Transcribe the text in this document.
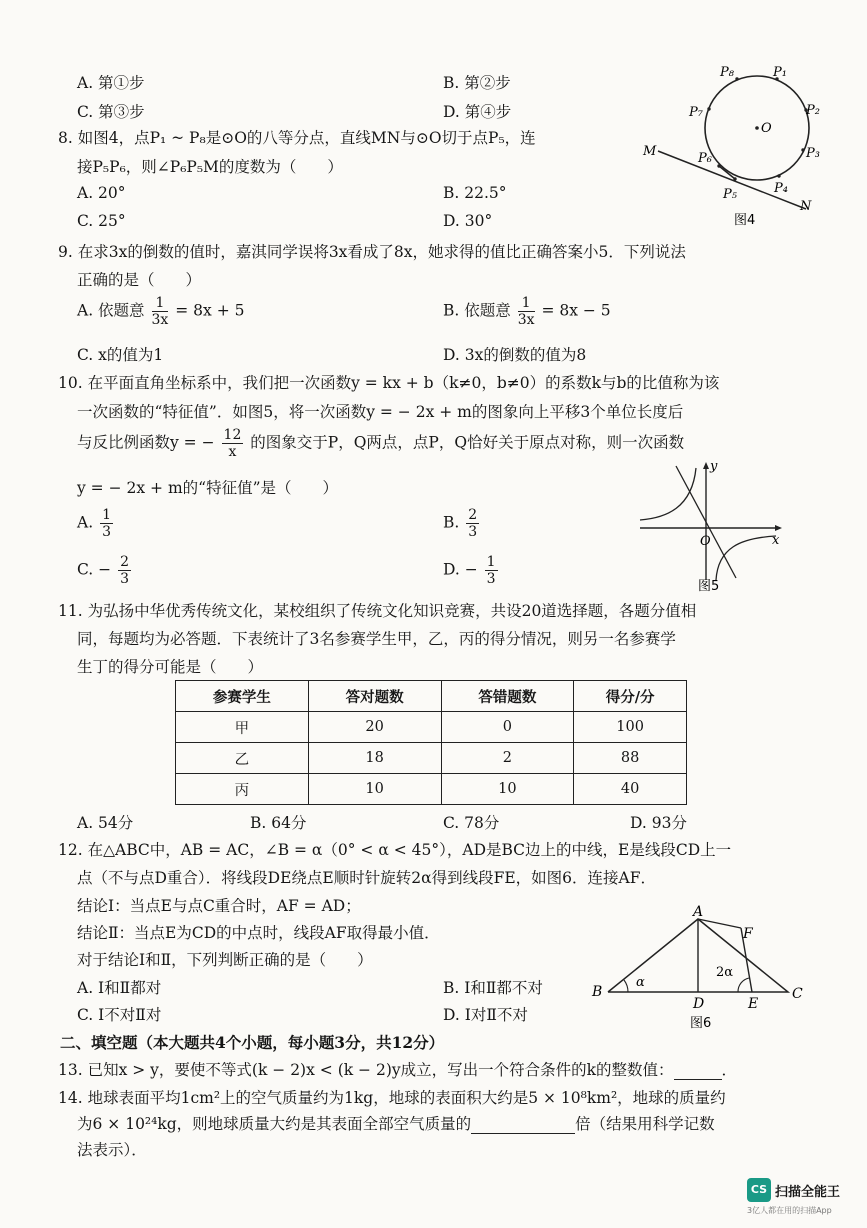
A. 第①步	B. 第②步
C. 第③步	D. 第④步
8. 如图4，点P₁ ~ P₈是⊙O的八等分点，直线MN与⊙O切于点P₅，连
接P₅P₆，则∠P₆P₅M的度数为（　　）
A. 20°	B. 22.5°
C. 25°	D. 30°
P₈	P₁
P₇	P₂
O
P₃
M	P₆
P₅	P₄
N
图4
9. 在求3x的倒数的值时，嘉淇同学误将3x看成了8x，她求得的值比正确答案小5．下列说法
正确的是（　　）
A. 依题意 $\frac{1}{3x} = 8x + 5$	B. 依题意 $\frac{1}{3x} = 8x - 5$
C. x的值为1	D. 3x的倒数的值为8
10. 在平面直角坐标系中，我们把一次函数y = kx + b（k≠0，b≠0）的系数k与b的比值称为该
一次函数的“特征值”．如图5，将一次函数y = − 2x + m的图象向上平移3个单位长度后
与反比例函数y = − $\frac{12}{x}$ 的图象交于P，Q两点，点P，Q恰好关于原点对称，则一次函数
y = − 2x + m的“特征值”是（　　）
A. $\frac{1}{3}$	B. $\frac{2}{3}$
C. − $\frac{2}{3}$	D. − $\frac{1}{3}$
y
x
O
图5
11. 为弘扬中华优秀传统文化，某校组织了传统文化知识竞赛，共设20道选择题，各题分值相
同，每题均为必答题．下表统计了3名参赛学生甲，乙，丙的得分情况，则另一名参赛学
生丁的得分可能是（　　）
参赛学生	答对题数	答错题数	得分/分
甲	20	0	100
乙	18	2	88
丙	10	10	40
A. 54分	B. 64分	C. 78分	D. 93分
12. 在△ABC中，AB = AC，∠B = α（0° < α < 45°），AD是BC边上的中线，E是线段CD上一
点（不与点D重合）．将线段DE绕点E顺时针旋转2α得到线段FE，如图6．连接AF．
结论Ⅰ：当点E与点C重合时，AF = AD；
结论Ⅱ：当点E为CD的中点时，线段AF取得最小值．
对于结论Ⅰ和Ⅱ，下列判断正确的是（　　）
A. Ⅰ和Ⅱ都对	B. Ⅰ和Ⅱ都不对
C. Ⅰ不对Ⅱ对	D. Ⅰ对Ⅱ不对
A
F
α
2α
B
D	E
C
图6
二、填空题（本大题共4个小题，每小题3分，共12分）
13. 已知x > y，要使不等式(k − 2)x < (k − 2)y成立，写出一个符合条件的k的整数值：	．
14. 地球表面平均1cm²上的空气质量约为1kg，地球的表面积大约是5 × 10⁸km²，地球的质量约
为6 × 10²⁴kg，则地球质量大约是其表面全部空气质量的	倍（结果用科学记数
法表示）．
CS 扫描全能王
3亿人都在用的扫描App
